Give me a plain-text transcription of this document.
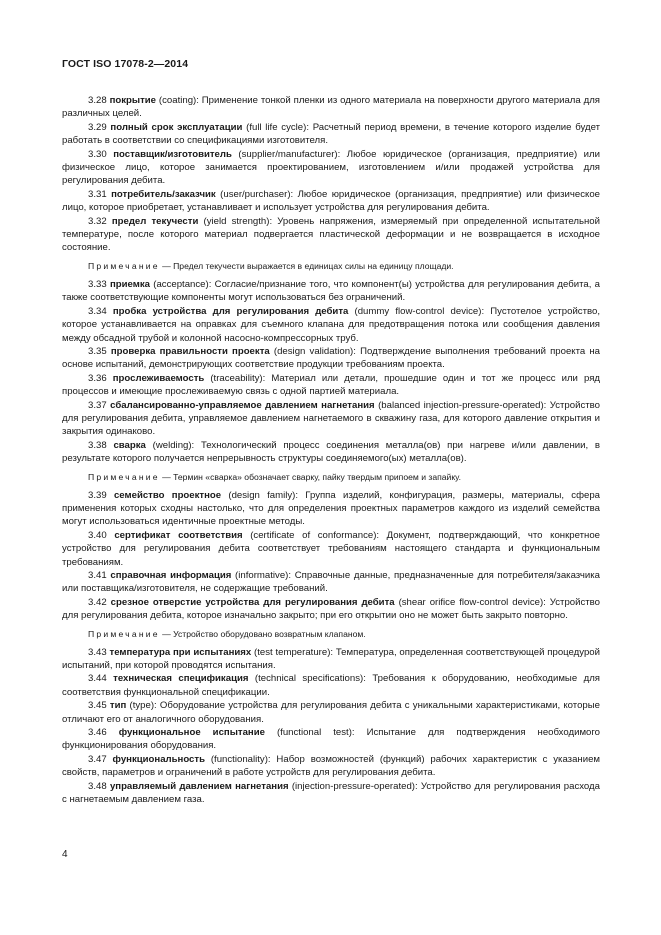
ГОСТ ISO 17078-2—2014

3.28 покрытие (coating): Применение тонкой пленки из одного материала на поверхности другого материала для различных целей.

3.29 полный срок эксплуатации (full life cycle): Расчетный период времени, в течение которого изделие будет работать в соответствии со спецификациями изготовителя.

3.30 поставщик/изготовитель (supplier/manufacturer): Любое юридическое (организация, предприятие) или физическое лицо, которое занимается проектированием, изготовлением и/или продажей устройства для регулирования дебита.

3.31 потребитель/заказчик (user/purchaser): Любое юридическое (организация, предприятие) или физическое лицо, которое приобретает, устанавливает и использует устройства для регулирования дебита.

3.32 предел текучести (yield strength): Уровень напряжения, измеряемый при определенной испытательной температуре, после которого материал подвергается пластической деформации и не возвращается в исходное состояние.

Примечание — Предел текучести выражается в единицах силы на единицу площади.

3.33 приемка (acceptance): Согласие/признание того, что компонент(ы) устройства для регулирования дебита, а также соответствующие компоненты могут использоваться без ограничений.

3.34 пробка устройства для регулирования дебита (dummy flow-control device): Пустотелое устройство, которое устанавливается на оправках для съемного клапана для предотвращения потока или сообщения давления между обсадной трубой и колонной насосно-компрессорных труб.

3.35 проверка правильности проекта (design validation): Подтверждение выполнения требований проекта на основе испытаний, демонстрирующих соответствие продукции требованиям проекта.

3.36 прослеживаемость (traceability): Материал или детали, прошедшие один и тот же процесс или ряд процессов и имеющие прослеживаемую связь с одной партией материала.

3.37 сбалансированно-управляемое давлением нагнетания (balanced injection-pressure-operated): Устройство для регулирования дебита, управляемое давлением нагнетаемого в скважину газа, для которого давление открытия и закрытия одинаково.

3.38 сварка (welding): Технологический процесс соединения металла(ов) при нагреве и/или давлении, в результате которого получается непрерывность структуры соединяемого(ых) металла(ов).

Примечание — Термин «сварка» обозначает сварку, пайку твердым припоем и запайку.

3.39 семейство проектное (design family): Группа изделий, конфигурация, размеры, материалы, сфера применения которых сходны настолько, что для определения проектных параметров каждого из изделий семейства могут использоваться идентичные проектные методы.

3.40 сертификат соответствия (certificate of conformance): Документ, подтверждающий, что конкретное устройство для регулирования дебита соответствует требованиям настоящего стандарта и функциональным требованиям.

3.41 справочная информация (informative): Справочные данные, предназначенные для потребителя/заказчика или поставщика/изготовителя, не содержащие требований.

3.42 срезное отверстие устройства для регулирования дебита (shear orifice flow-control device): Устройство для регулирования дебита, которое изначально закрыто; при его открытии оно не может быть закрыто повторно.

Примечание — Устройство оборудовано возвратным клапаном.

3.43 температура при испытаниях (test temperature): Температура, определенная соответствующей процедурой испытаний, при которой проводятся испытания.

3.44 техническая спецификация (technical specifications): Требования к оборудованию, необходимые для соответствия функциональной спецификации.

3.45 тип (type): Оборудование устройства для регулирования дебита с уникальными характеристиками, которые отличают его от аналогичного оборудования.

3.46 функциональное испытание (functional test): Испытание для подтверждения необходимого функционирования оборудования.

3.47 функциональность (functionality): Набор возможностей (функций) рабочих характеристик с указанием свойств, параметров и ограничений в работе устройств для регулирования дебита.

3.48 управляемый давлением нагнетания (injection-pressure-operated): Устройство для регулирования расхода с нагнетаемым давлением газа.

4
